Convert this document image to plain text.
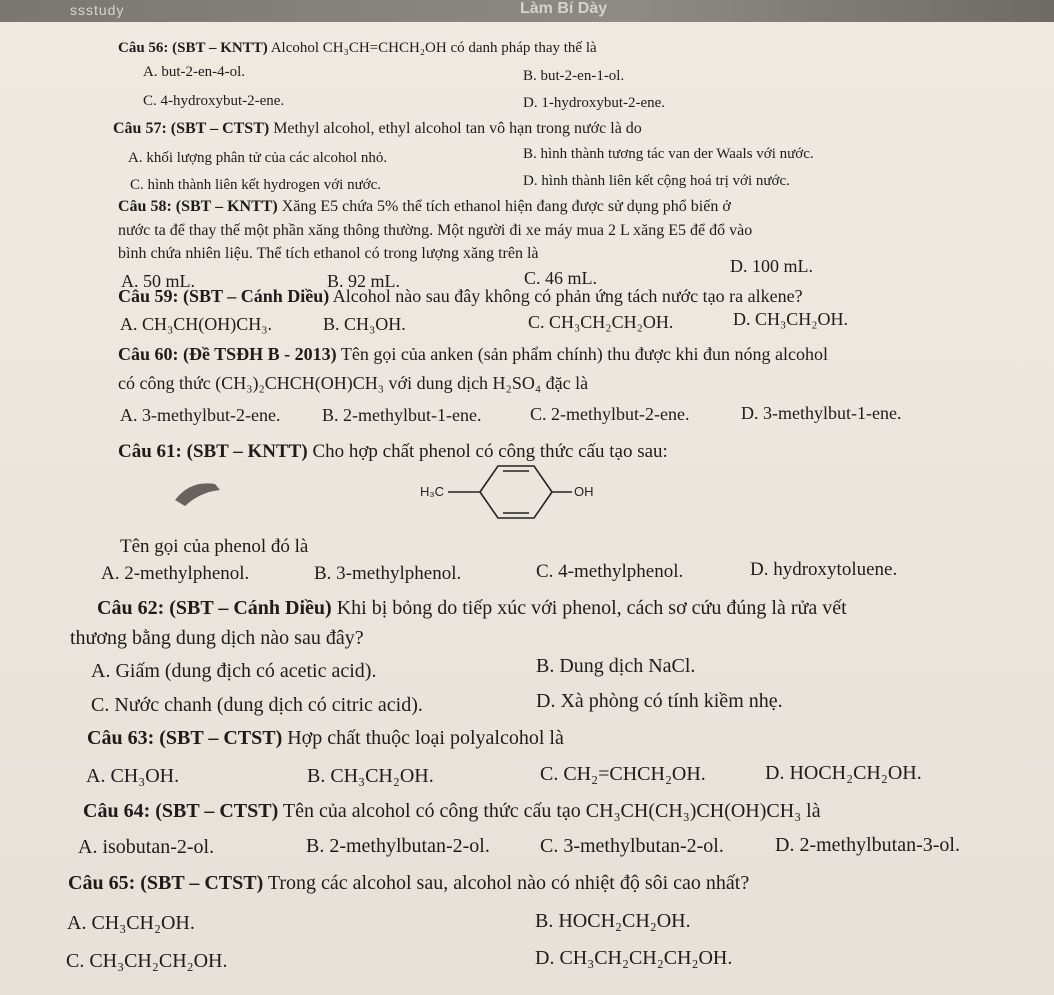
ssstudy	Làm Bí Dày
Câu 56: (SBT – KNTT) Alcohol CH₃CH=CHCH₂OH có danh pháp thay thế là
A. but-2-en-4-ol.	B. but-2-en-1-ol.
C. 4-hydroxybut-2-ene.	D. 1-hydroxybut-2-ene.
Câu 57: (SBT – CTST) Methyl alcohol, ethyl alcohol tan vô hạn trong nước là do
A. khối lượng phân tử của các alcohol nhỏ.	B. hình thành tương tác van der Waals với nước.
C. hình thành liên kết hydrogen với nước.	D. hình thành liên kết cộng hoá trị với nước.
Câu 58: (SBT – KNTT) Xăng E5 chứa 5% thể tích ethanol hiện đang được sử dụng phổ biến ở
nước ta để thay thế một phần xăng thông thường. Một người đi xe máy mua 2 L xăng E5 để đổ vào
bình chứa nhiên liệu. Thể tích ethanol có trong lượng xăng trên là
A. 50 mL.	B. 92 mL.	C. 46 mL.
D. 100 mL.
Câu 59: (SBT – Cánh Diều) Alcohol nào sau đây không có phản ứng tách nước tạo ra alkene?
A. CH₃CH(OH)CH₃.	B. CH₃OH.	C. CH₃CH₂CH₂OH.	D. CH₃CH₂OH.
Câu 60: (Đề TSĐH B - 2013) Tên gọi của anken (sản phẩm chính) thu được khi đun nóng alcohol
có công thức (CH₃)₂CHCH(OH)CH₃ với dung dịch H₂SO₄ đặc là
A. 3-methylbut-2-ene. B. 2-methylbut-1-ene.	C. 2-methylbut-2-ene.	D. 3-methylbut-1-ene.
Câu 61: (SBT – KNTT) Cho hợp chất phenol có công thức cấu tạo sau:
H₃C	OH
Tên gọi của phenol đó là
A. 2-methylphenol.	B. 3-methylphenol.	C. 4-methylphenol.	D. hydroxytoluene.
Câu 62: (SBT – Cánh Diều) Khi bị bỏng do tiếp xúc với phenol, cách sơ cứu đúng là rửa vết
thương bằng dung dịch nào sau đây?
A. Giấm (dung địch có acetic acid).	B. Dung dịch NaCl.
C. Nước chanh (dung dịch có citric acid).	D. Xà phòng có tính kiềm nhẹ.
Câu 63: (SBT – CTST) Hợp chất thuộc loại polyalcohol là
A. CH₃OH.	B. CH₃CH₂OH.	C. CH₂=CHCH₂OH.	D. HOCH₂CH₂OH.
Câu 64: (SBT – CTST) Tên của alcohol có công thức cấu tạo CH₃CH(CH₃)CH(OH)CH₃ là
A. isobutan-2-ol.	B. 2-methylbutan-2-ol.	C. 3-methylbutan-2-ol.	D. 2-methylbutan-3-ol.
Câu 65: (SBT – CTST) Trong các alcohol sau, alcohol nào có nhiệt độ sôi cao nhất?
A. CH₃CH₂OH.	B. HOCH₂CH₂OH.
C. CH₃CH₂CH₂OH.	D. CH₃CH₂CH₂CH₂OH.
